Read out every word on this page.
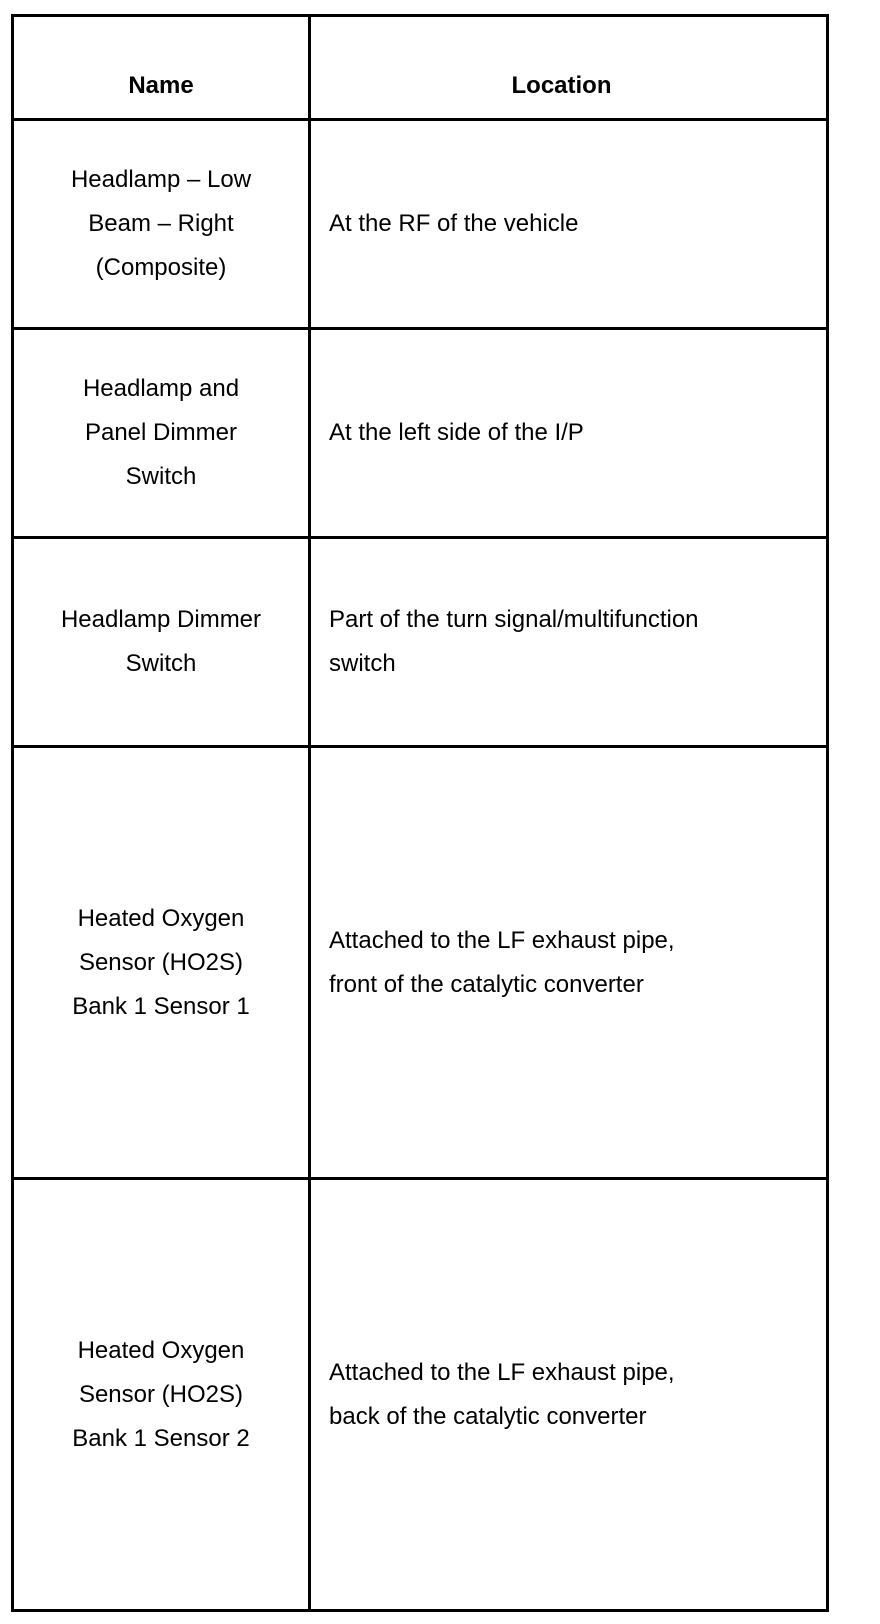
Name	Location
Headlamp – Low
Beam – Right
(Composite)
At the RF of the vehicle
Headlamp and
Panel Dimmer
Switch
At the left side of the I/P
Headlamp Dimmer
Switch
Part of the turn signal/multifunction
switch
Heated Oxygen
Sensor (HO2S)
Bank 1 Sensor 1
Attached to the LF exhaust pipe,
front of the catalytic converter
Heated Oxygen
Sensor (HO2S)
Bank 1 Sensor 2
Attached to the LF exhaust pipe,
back of the catalytic converter
